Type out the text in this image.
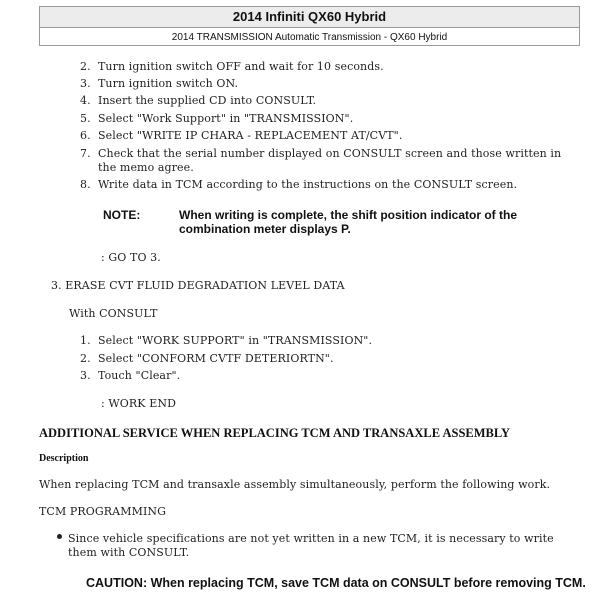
2014 Infiniti QX60 Hybrid
2014 TRANSMISSION Automatic Transmission - QX60 Hybrid
2. Turn ignition switch OFF and wait for 10 seconds.
3. Turn ignition switch ON.
4. Insert the supplied CD into CONSULT.
5. Select "Work Support" in "TRANSMISSION".
6. Select "WRITE IP CHARA - REPLACEMENT AT/CVT".
7. Check that the serial number displayed on CONSULT screen and those written in
the memo agree.
8. Write data in TCM according to the instructions on the CONSULT screen.
NOTE:	When writing is complete, the shift position indicator of the combination meter displays P.
: GO TO 3.
3. ERASE CVT FLUID DEGRADATION LEVEL DATA
With CONSULT
1. Select "WORK SUPPORT" in "TRANSMISSION".
2. Select "CONFORM CVTF DETERIORTN".
3. Touch "Clear".
: WORK END
ADDITIONAL SERVICE WHEN REPLACING TCM AND TRANSAXLE ASSEMBLY
Description
When replacing TCM and transaxle assembly simultaneously, perform the following work.
TCM PROGRAMMING
Since vehicle specifications are not yet written in a new TCM, it is necessary to write them with CONSULT.
CAUTION: When replacing TCM, save TCM data on CONSULT before removing TCM.
